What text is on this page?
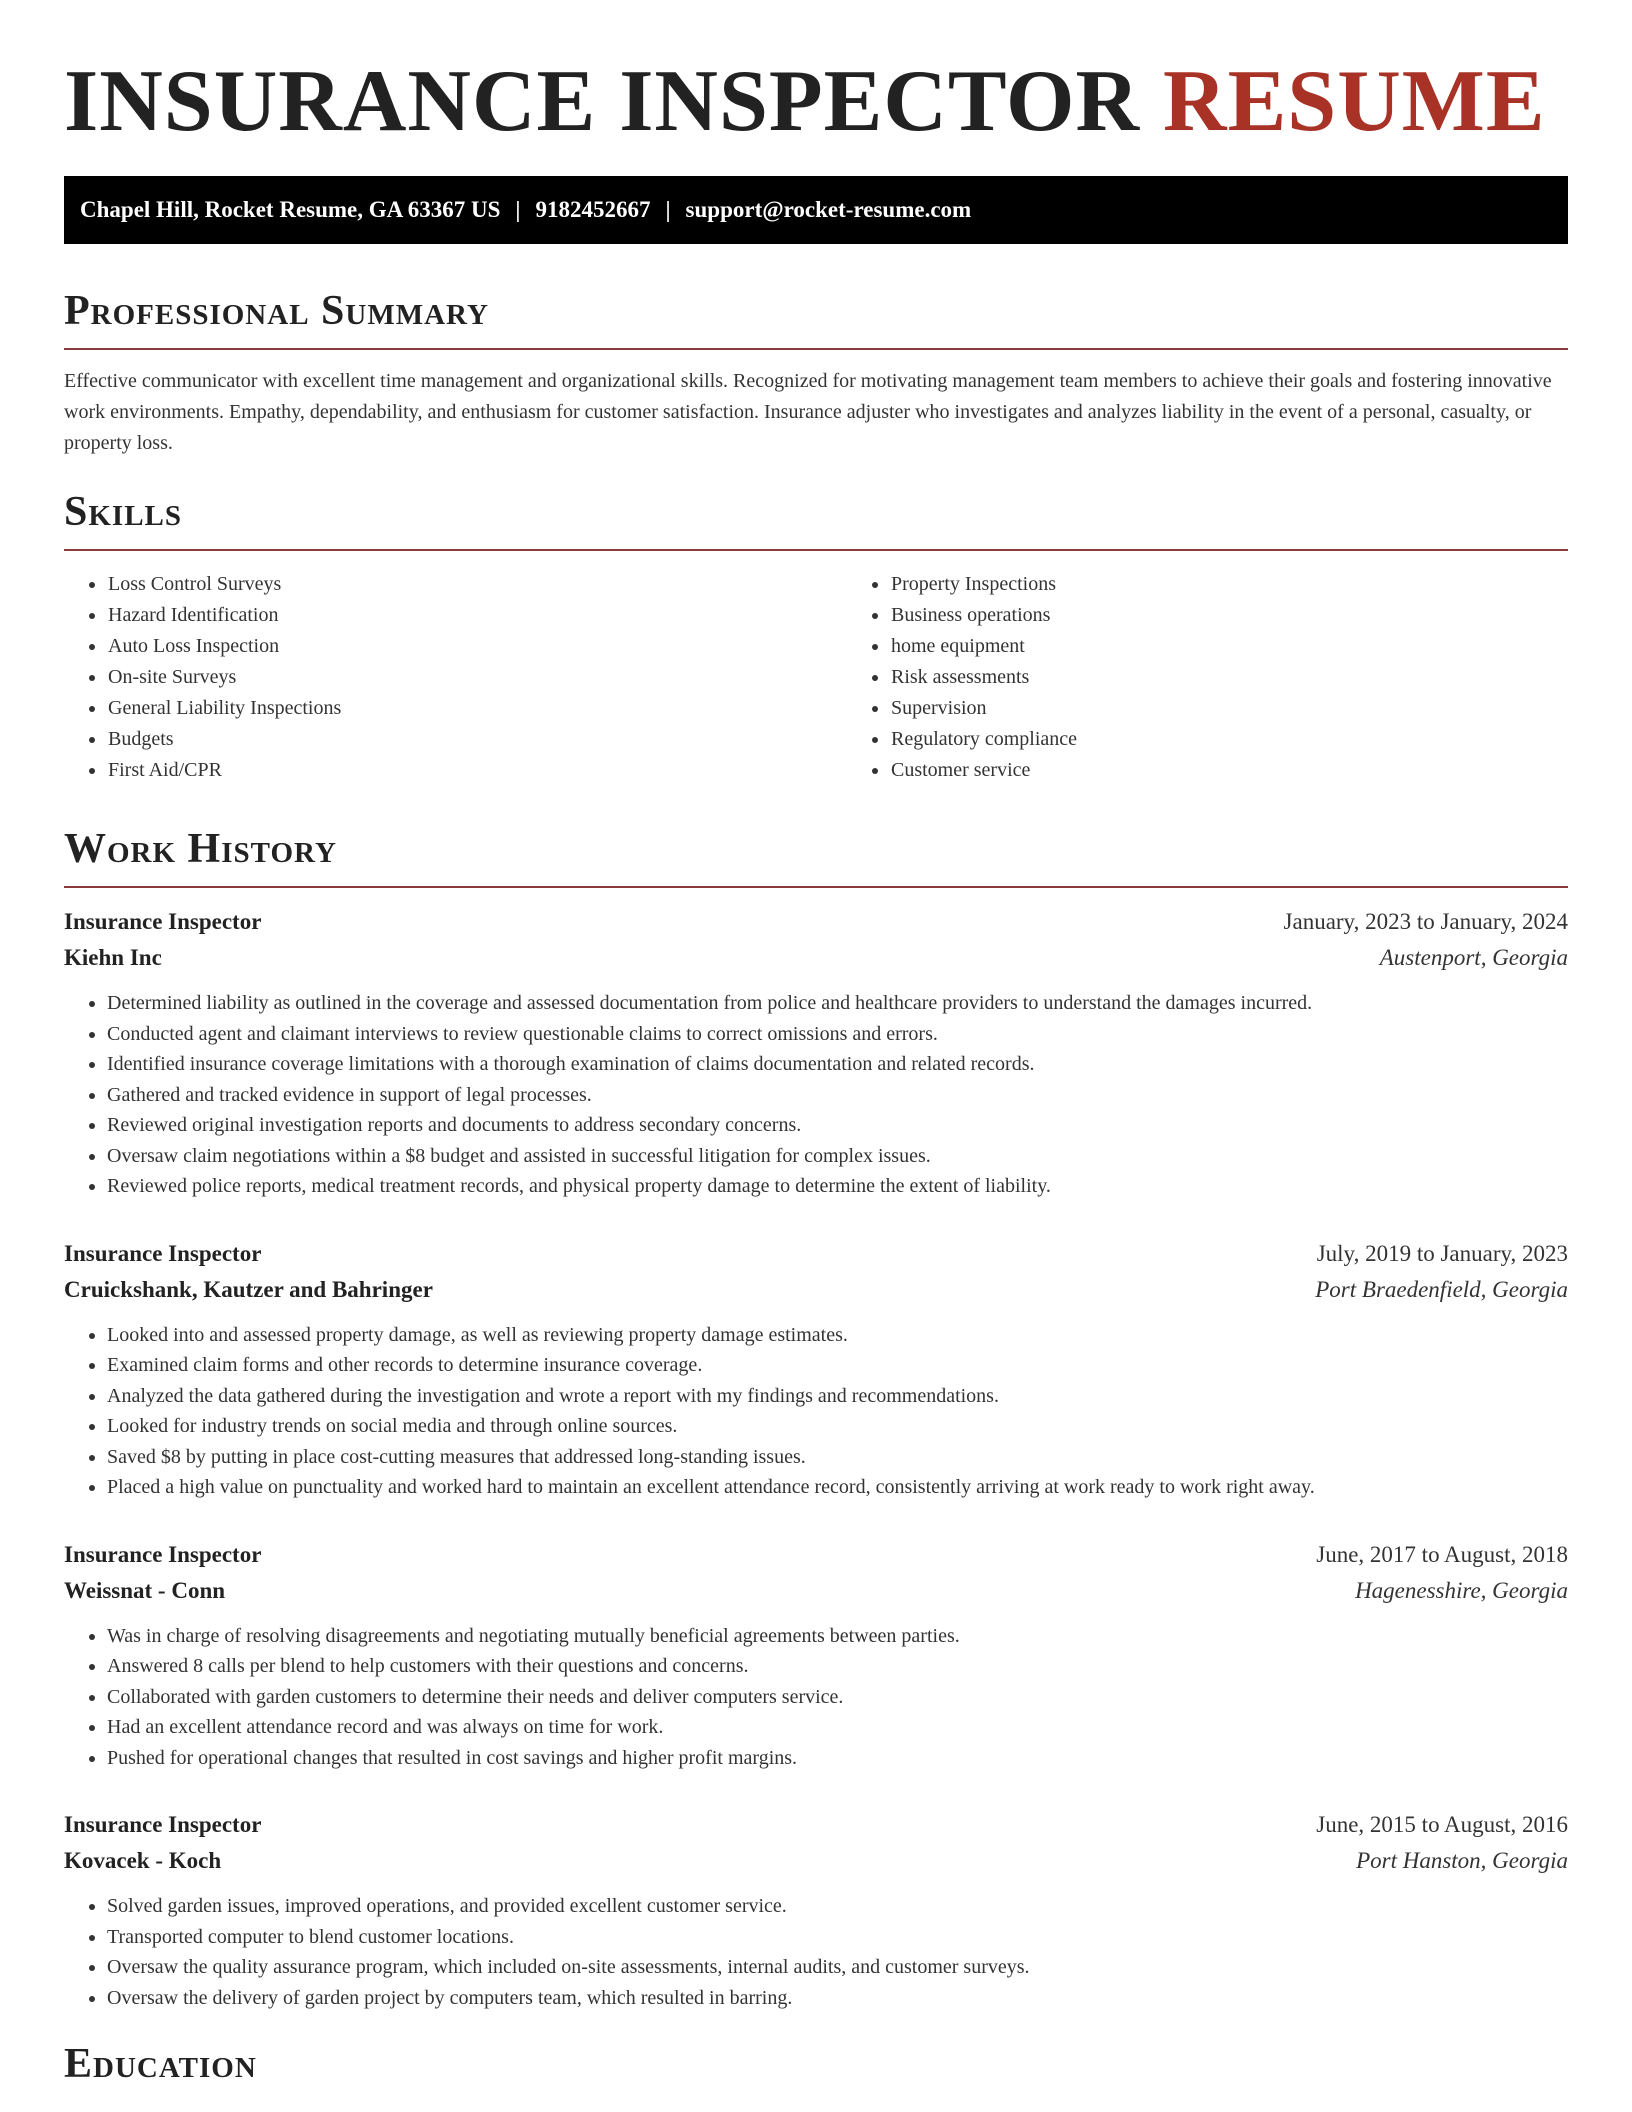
INSURANCE INSPECTOR RESUME
Chapel Hill, Rocket Resume, GA 63367 US | 9182452667 | support@rocket-resume.com
Professional Summary

Effective communicator with excellent time management and organizational skills. Recognized for motivating management team members to achieve their goals and fostering innovative work environments. Empathy, dependability, and enthusiasm for customer satisfaction. Insurance adjuster who investigates and analyzes liability in the event of a personal, casualty, or property loss.

Skills
• Loss Control Surveys
• Hazard Identification
• Auto Loss Inspection
• On-site Surveys
• General Liability Inspections
• Budgets
• First Aid/CPR
• Property Inspections
• Business operations
• home equipment
• Risk assessments
• Supervision
• Regulatory compliance
• Customer service
Work History
Insurance Inspector	January, 2023 to January, 2024
Kiehn Inc	Austenport, Georgia
• Determined liability as outlined in the coverage and assessed documentation from police and healthcare providers to understand the damages incurred.
• Conducted agent and claimant interviews to review questionable claims to correct omissions and errors.
• Identified insurance coverage limitations with a thorough examination of claims documentation and related records.
• Gathered and tracked evidence in support of legal processes.
• Reviewed original investigation reports and documents to address secondary concerns.
• Oversaw claim negotiations within a $8 budget and assisted in successful litigation for complex issues.
• Reviewed police reports, medical treatment records, and physical property damage to determine the extent of liability.
Insurance Inspector	July, 2019 to January, 2023
Cruickshank, Kautzer and Bahringer	Port Braedenfield, Georgia
• Looked into and assessed property damage, as well as reviewing property damage estimates.
• Examined claim forms and other records to determine insurance coverage.
• Analyzed the data gathered during the investigation and wrote a report with my findings and recommendations.
• Looked for industry trends on social media and through online sources.
• Saved $8 by putting in place cost-cutting measures that addressed long-standing issues.
• Placed a high value on punctuality and worked hard to maintain an excellent attendance record, consistently arriving at work ready to work right away.
Insurance Inspector	June, 2017 to August, 2018
Weissnat - Conn	Hagenesshire, Georgia
• Was in charge of resolving disagreements and negotiating mutually beneficial agreements between parties.
• Answered 8 calls per blend to help customers with their questions and concerns.
• Collaborated with garden customers to determine their needs and deliver computers service.
• Had an excellent attendance record and was always on time for work.
• Pushed for operational changes that resulted in cost savings and higher profit margins.
Insurance Inspector	June, 2015 to August, 2016
Kovacek - Koch	Port Hanston, Georgia
• Solved garden issues, improved operations, and provided excellent customer service.
• Transported computer to blend customer locations.
• Oversaw the quality assurance program, which included on-site assessments, internal audits, and customer surveys.
• Oversaw the delivery of garden project by computers team, which resulted in barring.
Education
